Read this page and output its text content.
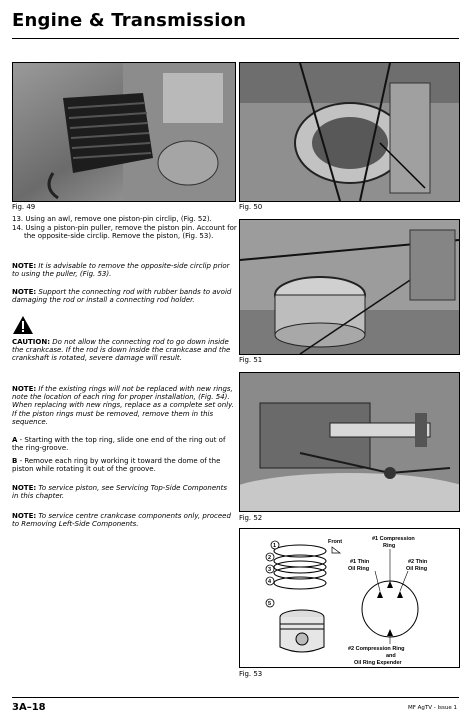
Engine & Transmission
Fig. 49	Fig. 50
13. Using an awl, remove one piston-pin circlip, (Fig. 52).
14. Using a piston-pin puller, remove the piston pin. Account for the opposite-side circlip. Remove the piston, (Fig. 53).
NOTE: It is advisable to remove the opposite-side circlip prior to using the puller, (Fig. 53).
NOTE: Support the connecting rod with rubber bands to avoid damaging the rod or install a connecting rod holder.
CAUTION: Do not allow the connecting rod to go down inside the crankcase. If the rod is down inside the crankcase and the crankshaft is rotated, severe damage will result.
NOTE: If the existing rings will not be replaced with new rings, note the location of each ring for proper installation, (Fig. 54). When replacing with new rings, replace as a complete set only. If the piston rings must be removed, remove them in this sequence.
A - Starting with the top ring, slide one end of the ring out of the ring-groove.
B - Remove each ring by working it toward the dome of the piston while rotating it out of the groove.
NOTE: To service piston, see Servicing Top-Side Components in this chapter.
NOTE: To service centre crankcase components only, proceed to Removing Left-Side Components.
Fig. 51
Fig. 52
1
2
3
4
5
Front	#1 Compression
Ring
#1 Thin
Oil Ring
#2 Thin
Oil Ring
#2 Compression Ring
and
Oil Ring Expender
Fig. 53
3A–18	MF AgTV - Issue 1
